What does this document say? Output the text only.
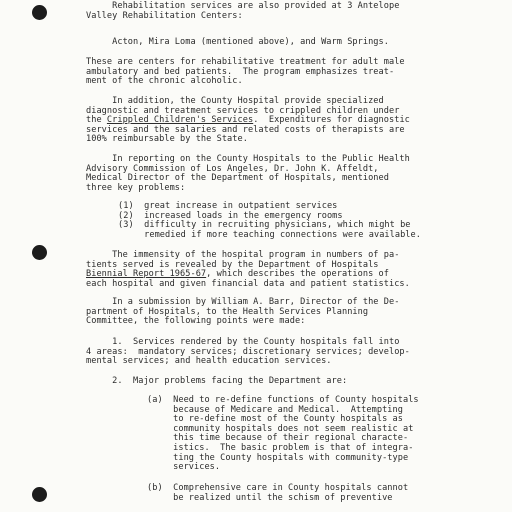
Rehabilitation services are also provided at 3 Antelope
Valley Rehabilitation Centers:
Acton, Mira Loma (mentioned above), and Warm Springs.
These are centers for rehabilitative treatment for adult male
ambulatory and bed patients.  The program emphasizes treat-
ment of the chronic alcoholic.
In addition, the County Hospital provide specialized
diagnostic and treatment services to crippled children under
the Crippled Children's Services.  Expenditures for diagnostic
services and the salaries and related costs of therapists are
100% reimbursable by the State.
In reporting on the County Hospitals to the Public Health
Advisory Commission of Los Angeles, Dr. John K. Affeldt,
Medical Director of the Department of Hospitals, mentioned
three key problems:
(1)  great increase in outpatient services
(2)  increased loads in the emergency rooms
(3)  difficulty in recruiting physicians, which might be
remedied if more teaching connections were available.
The immensity of the hospital program in numbers of pa-
tients served is revealed by the Department of Hospitals
Biennial Report 1965-67, which describes the operations of
each hospital and given financial data and patient statistics.
In a submission by William A. Barr, Director of the De-
partment of Hospitals, to the Health Services Planning
Committee, the following points were made:
1.  Services rendered by the County hospitals fall into
4 areas:  mandatory services; discretionary services; develop-
mental services; and health education services.
2.  Major problems facing the Department are:
(a)  Need to re-define functions of County hospitals
because of Medicare and Medical.  Attempting
to re-define most of the County hospitals as
community hospitals does not seem realistic at
this time because of their regional characte-
istics.  The basic problem is that of integra-
ting the County hospitals with community-type
services.
(b)  Comprehensive care in County hospitals cannot
be realized until the schism of preventive
